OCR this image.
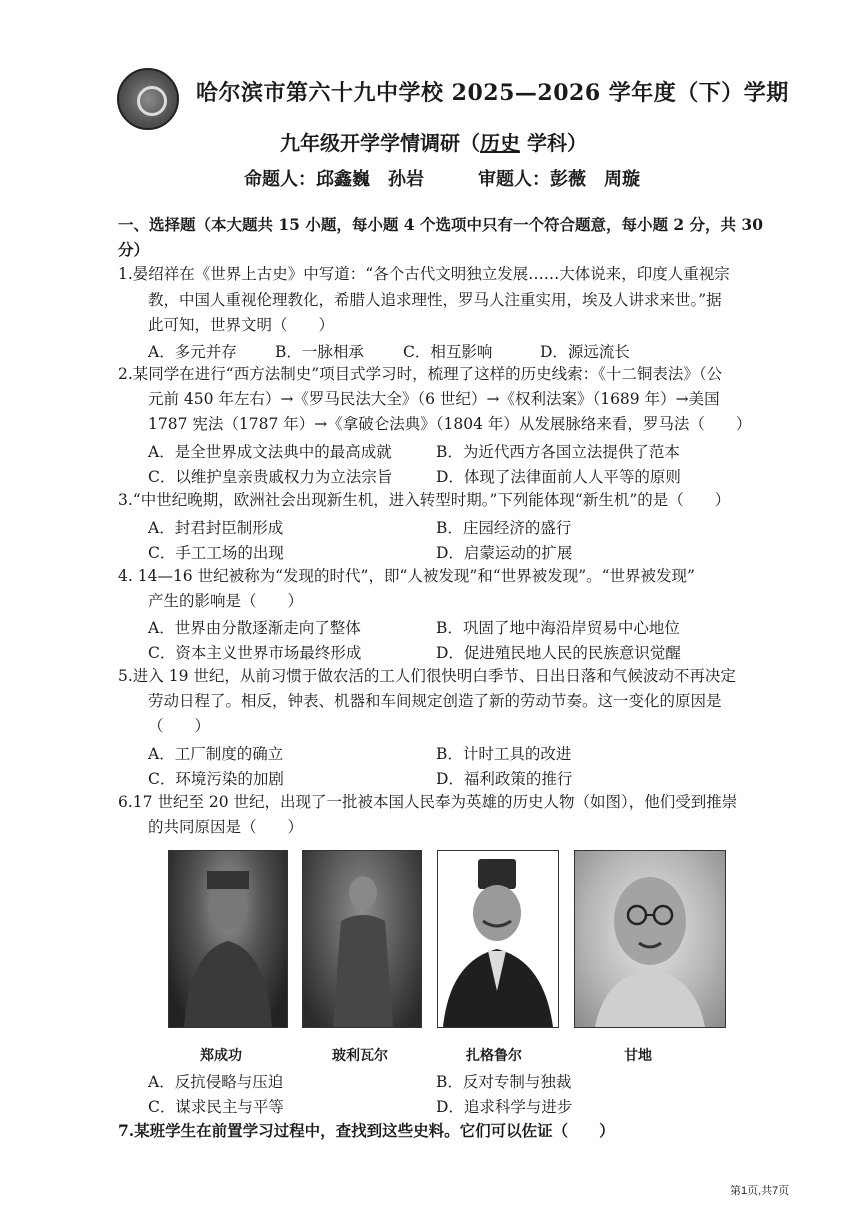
哈尔滨市第六十九中学校 2025—2026 学年度（下）学期
九年级开学学情调研（历史 学科）
命题人：邱鑫巍　孙岩　　　审题人：彭薇　周璇
一、选择题（本大题共 15 小题，每小题 4 个选项中只有一个符合题意，每小题 2 分，共 30
分）
1.晏绍祥在《世界上古史》中写道：“各个古代文明独立发展……大体说来，印度人重视宗
教，中国人重视伦理教化，希腊人追求理性，罗马人注重实用，埃及人讲求来世。”据
此可知，世界文明（　　）
A．多元并存 B．一脉相承	C．相互影响	D．源远流长
2.某同学在进行“西方法制史”项目式学习时，梳理了这样的历史线索：《十二铜表法》（公
元前 450 年左右）→《罗马民法大全》（6 世纪）→《权利法案》（1689 年）→美国
1787 宪法（1787 年）→《拿破仑法典》（1804 年）从发展脉络来看，罗马法（　　）
A．是全世界成文法典中的最高成就	B．为近代西方各国立法提供了范本
C．以维护皇亲贵戚权力为立法宗旨	D．体现了法律面前人人平等的原则
3.“中世纪晚期，欧洲社会出现新生机，进入转型时期。”下列能体现“新生机”的是（　　）
A．封君封臣制形成	B．庄园经济的盛行
C．手工工场的出现	D．启蒙运动的扩展
4. 14—16 世纪被称为“发现的时代”，即“人被发现”和“世界被发现”。“世界被发现”
产生的影响是（　　）
A．世界由分散逐渐走向了整体	B．巩固了地中海沿岸贸易中心地位
C．资本主义世界市场最终形成	D．促进殖民地人民的民族意识觉醒
5.进入 19 世纪，从前习惯于做农活的工人们很快明白季节、日出日落和气候波动不再决定
劳动日程了。相反，钟表、机器和车间规定创造了新的劳动节奏。这一变化的原因是
（　　）
A．工厂制度的确立	B．计时工具的改进
C．环境污染的加剧	D．福利政策的推行
6.17 世纪至 20 世纪，出现了一批被本国人民奉为英雄的历史人物（如图），他们受到推崇
的共同原因是（　　）
郑成功	玻利瓦尔	扎格鲁尔	甘地
A．反抗侵略与压迫	B．反对专制与独裁
C．谋求民主与平等	D．追求科学与进步
7.某班学生在前置学习过程中，查找到这些史料。它们可以佐证（　　）
第1页,共7页
